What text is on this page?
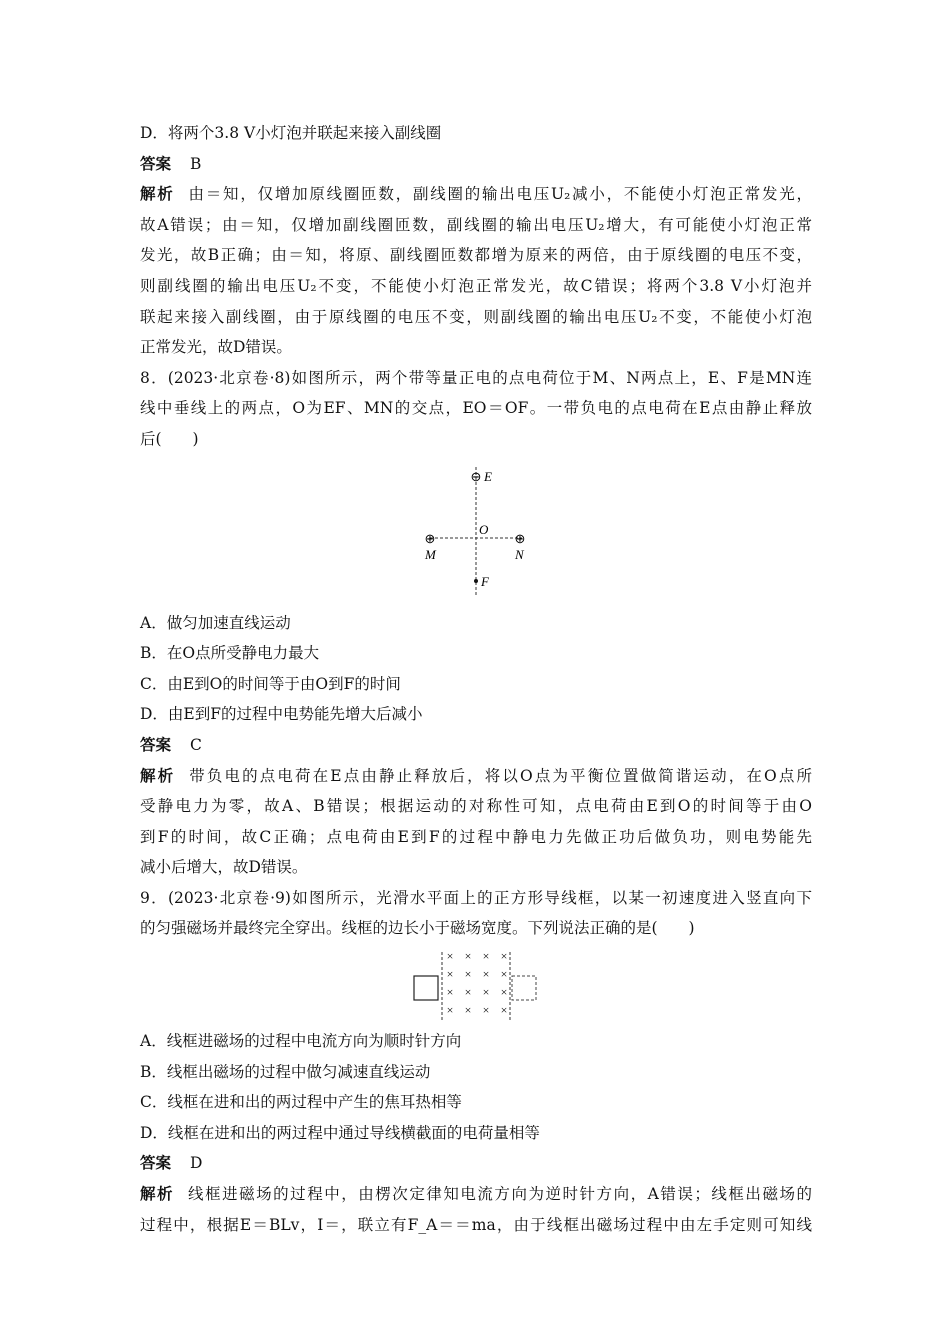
D．将两个3.8 V小灯泡并联起来接入副线圈
答案 B
解析 由＝知，仅增加原线圈匝数，副线圈的输出电压U₂减小，不能使小灯泡正常发光，
故A错误；由＝知，仅增加副线圈匝数，副线圈的输出电压U₂增大，有可能使小灯泡正常
发光，故B正确；由＝知，将原、副线圈匝数都增为原来的两倍，由于原线圈的电压不变，
则副线圈的输出电压U₂不变，不能使小灯泡正常发光，故C错误；将两个3.8 V小灯泡并
联起来接入副线圈，由于原线圈的电压不变，则副线圈的输出电压U₂不变，不能使小灯泡
正常发光，故D错误。
8．(2023·北京卷·8)如图所示，两个带等量正电的点电荷位于M、N两点上，E、F是MN连
线中垂线上的两点，O为EF、MN的交点，EO＝OF。一带负电的点电荷在E点由静止释放
后(　　)
⊖ E
O
⊕	⊕
M	N
F
A．做匀加速直线运动
B．在O点所受静电力最大
C．由E到O的时间等于由O到F的时间
D．由E到F的过程中电势能先增大后减小
答案 C
解析 带负电的点电荷在E点由静止释放后，将以O点为平衡位置做简谐运动，在O点所
受静电力为零，故A、B错误；根据运动的对称性可知，点电荷由E到O的时间等于由O
到F的时间，故C正确；点电荷由E到F的过程中静电力先做正功后做负功，则电势能先
减小后增大，故D错误。
9．(2023·北京卷·9)如图所示，光滑水平面上的正方形导线框，以某一初速度进入竖直向下
的匀强磁场并最终完全穿出。线框的边长小于磁场宽度。下列说法正确的是(　　)
× × × ×
× × × ×
× × × ×
× × × ×
A．线框进磁场的过程中电流方向为顺时针方向
B．线框出磁场的过程中做匀减速直线运动
C．线框在进和出的两过程中产生的焦耳热相等
D．线框在进和出的两过程中通过导线横截面的电荷量相等
答案 D
解析 线框进磁场的过程中，由楞次定律知电流方向为逆时针方向，A错误；线框出磁场的
过程中，根据E＝BLv，I＝，联立有F_A＝＝ma，由于线框出磁场过程中由左手定则可知线
